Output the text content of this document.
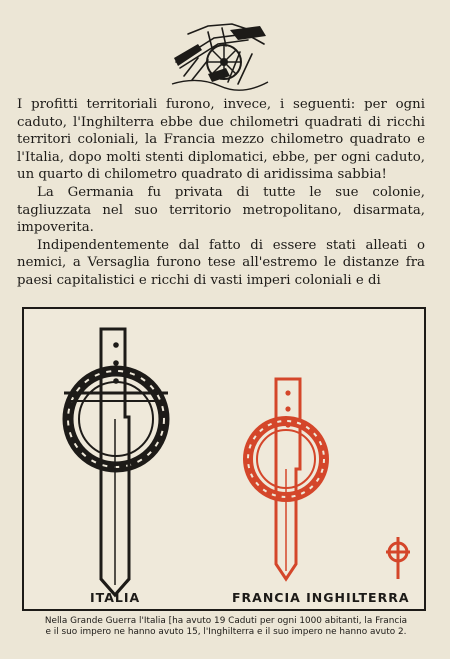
I profitti territoriali furono, invece, i seguenti: per ogni caduto, l'Inghilterra ebbe due chilometri quadrati di ricchi territori coloniali, la Francia mezzo chilometro quadrato e l'Italia, dopo molti stenti diplomatici, ebbe, per ogni caduto, un quarto di chilometro quadrato di aridissima sabbia!

La Germania fu privata di tutte le sue colonie, tagliuzzata nel suo territorio metropolitano, disarmata, impoverita.

Indipendentemente dal fatto di essere stati alleati o nemici, a Versaglia furono tese all'estremo le distanze fra paesi capitalistici e ricchi di vasti imperi coloniali e di

ITALIA	FRANCIA INGHILTERRA
Nella Grande Guerra l'Italia [ha avuto 19 Caduti per ogni 1000 abitanti, la Francia
e il suo impero ne hanno avuto 15, l'Inghilterra e il suo impero ne hanno avuto 2.
